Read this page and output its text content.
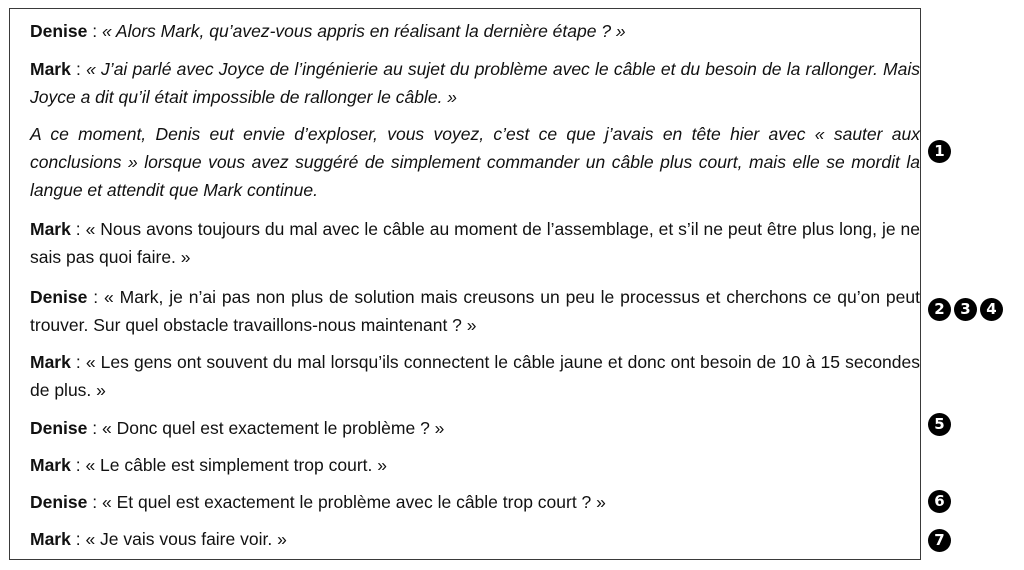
Denise : « Alors Mark, qu’avez-vous appris en réalisant la dernière étape ? »

Mark : « J’ai parlé avec Joyce de l’ingénierie au sujet du problème avec le câble et du besoin de la rallonger. Mais Joyce a dit qu’il était impossible de rallonger le câble. »

A ce moment, Denis eut envie d’exploser, vous voyez, c’est ce que j’avais en tête hier avec « sauter aux conclusions » lorsque vous avez suggéré de simplement commander un câble plus court, mais elle se mordit la langue et attendit que Mark continue.

Mark : « Nous avons toujours du mal avec le câble au moment de l’assemblage, et s’il ne peut être plus long, je ne sais pas quoi faire. »

Denise : « Mark, je n’ai pas non plus de solution mais creusons un peu le processus et cherchons ce qu’on peut trouver. Sur quel obstacle travaillons-nous maintenant ? »

Mark : « Les gens ont souvent du mal lorsqu’ils connectent le câble jaune et donc ont besoin de 10 à 15 secondes de plus. »

Denise : « Donc quel est exactement le problème ? »

Mark : « Le câble est simplement trop court. »

Denise : « Et quel est exactement le problème avec le câble trop court ? »

Mark : « Je vais vous faire voir. »

1
2	3	4
5
6
7
